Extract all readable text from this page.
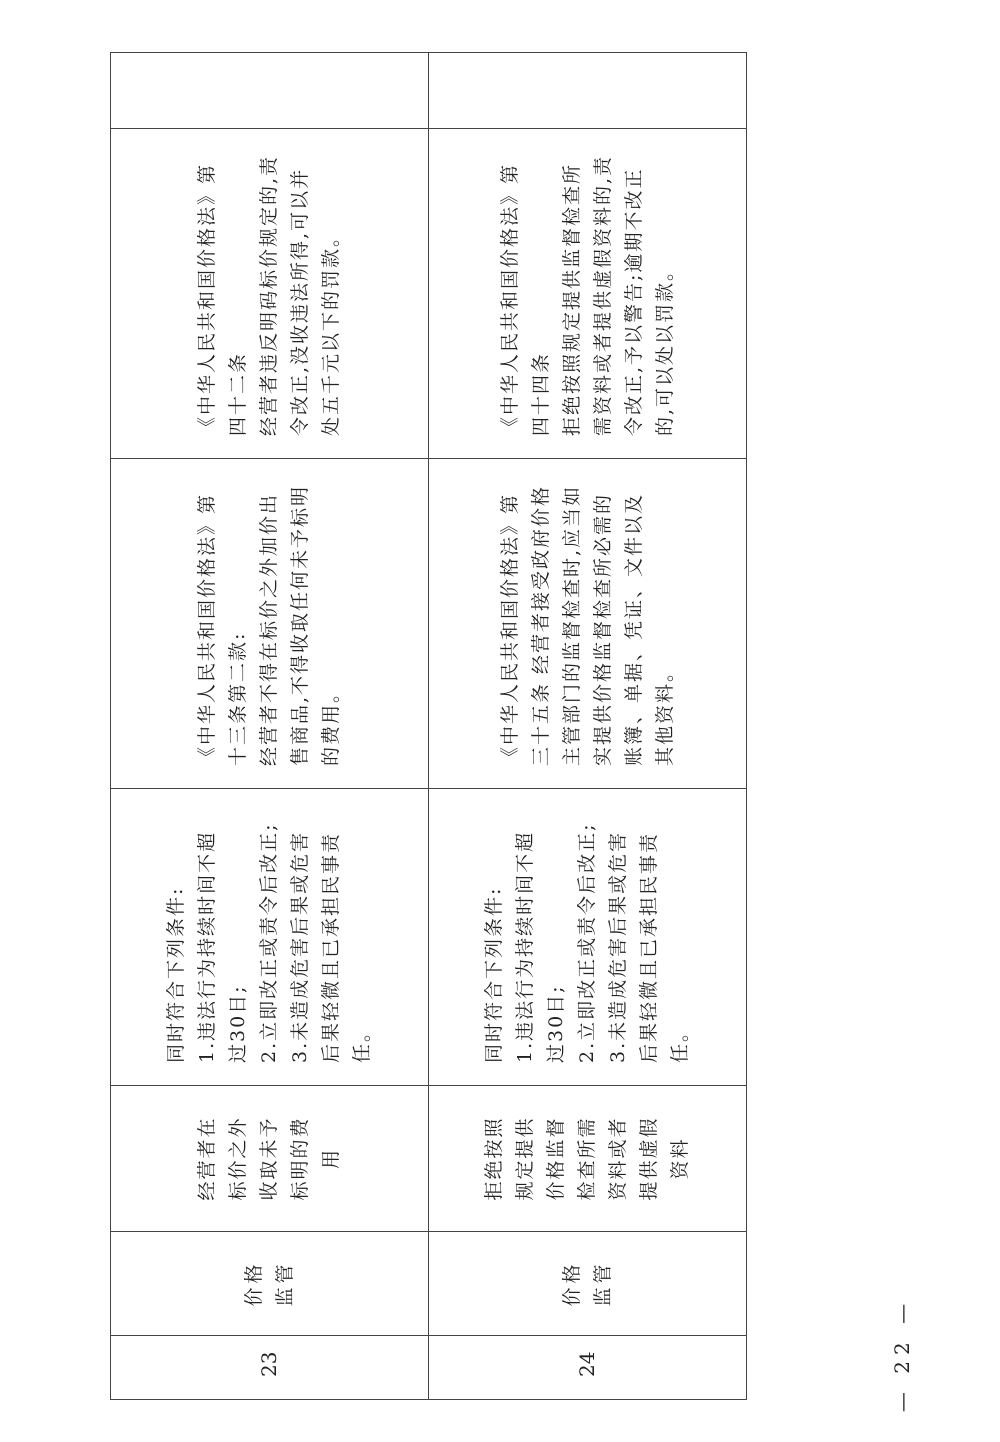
23	价格监管	经营者在标价之外收取未予标明的费用	同时符合下列条件: 1.违法行为持续时间不超过30日; 2.立即改正或责令后改正; 3.未造成危害后果或危害后果轻微且已承担民事责任。	《中华人民共和国价格法》第十三条第二款: 经营者不得在标价之外加价出售商品,不得收取任何未予标明的费用。	《中华人民共和国价格法》第四十二条 经营者违反明码标价规定的,责令改正,没收违法所得,可以并处五千元以下的罚款。	

24	价格监管	拒绝按照规定提供价格监督检查所需资料或者提供虚假资料	同时符合下列条件: 1.违法行为持续时间不超过30日; 2.立即改正或责令后改正; 3.未造成危害后果或危害后果轻微且已承担民事责任。	《中华人民共和国价格法》第三十五条 经营者接受政府价格主管部门的监督检查时,应当如实提供价格监督检查所必需的账簿、单据、凭证、文件以及其他资料。	《中华人民共和国价格法》第四十四条 拒绝按照规定提供监督检查所需资料或者提供虚假资料的,责令改正,予以警告;逾期不改正的,可以处以罚款。	

— 22 —
